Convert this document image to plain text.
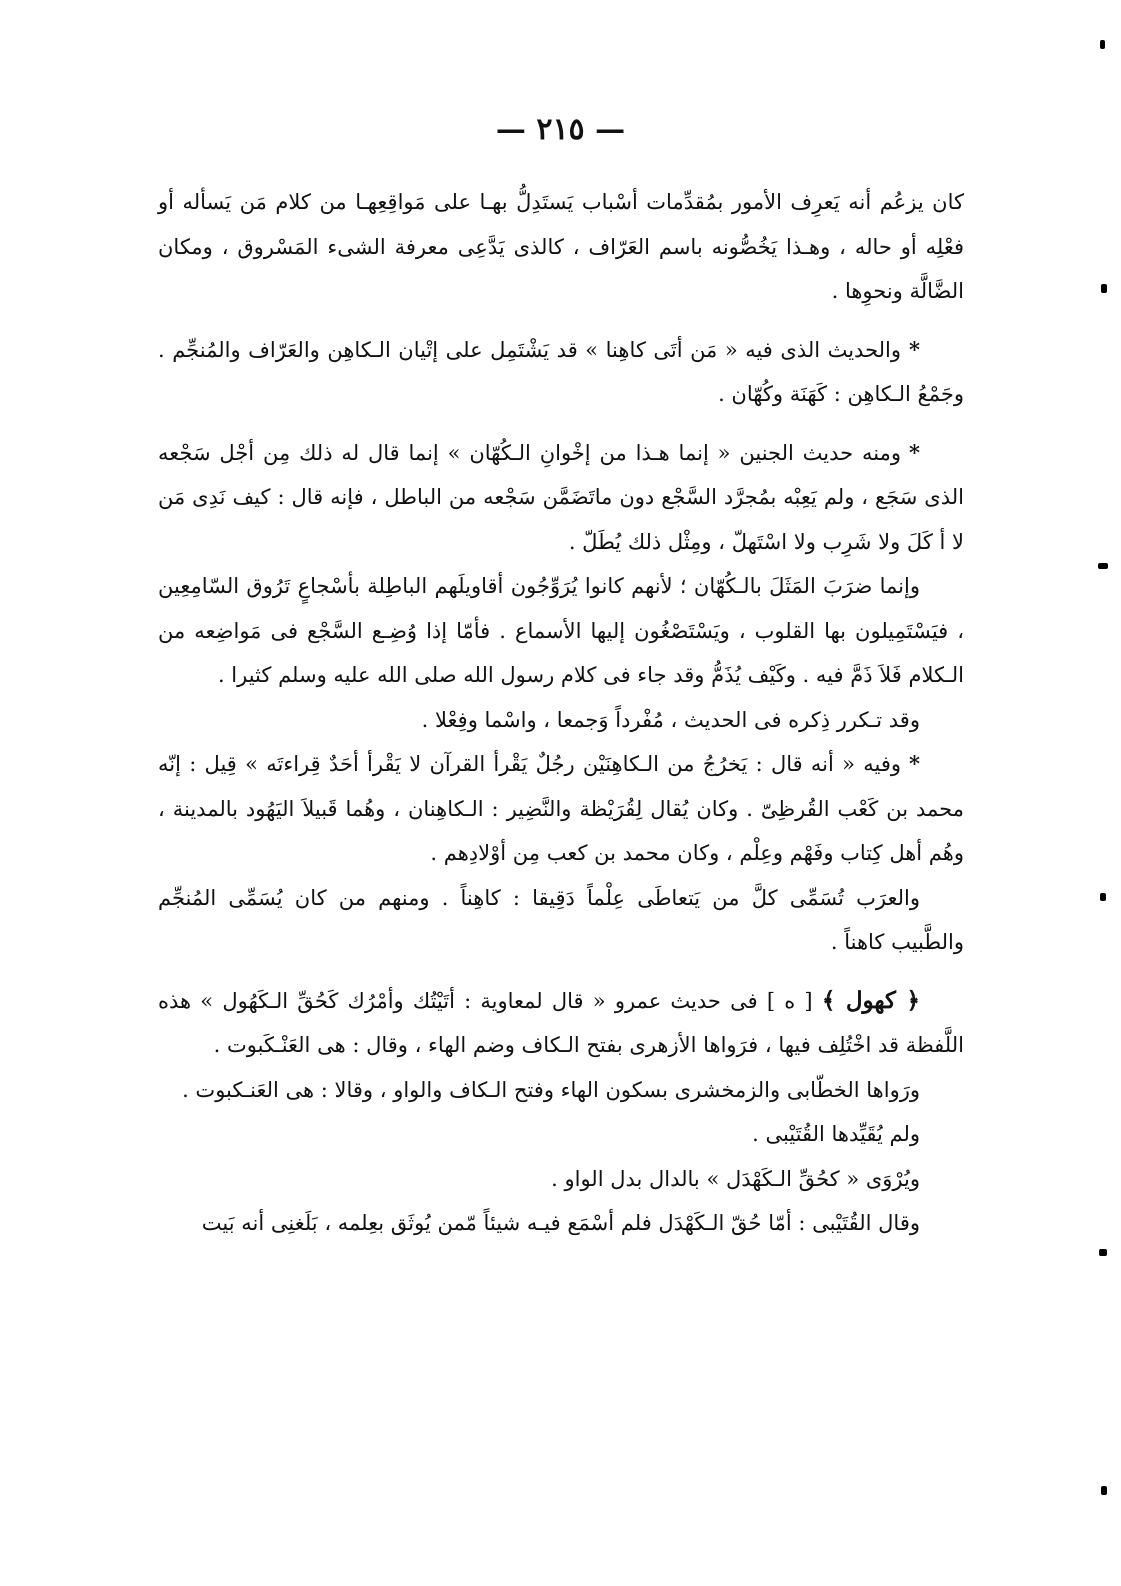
— ٢١٥ —

كان يزعُم أنه يَعرِف الأمور بمُقدِّمات أسْباب يَستَدِلُّ بهـا على مَواقِعِهـا من كلام مَن يَسأله أو فعْلِه أو حاله ، وهـذا يَخُصُّونه باسم العَرّاف ، كالذى يَدَّعِى معرفة الشىء المَسْروق ، ومكان الضَّالَّة ونحوِها .

*والحديث الذى فيه « مَن أتَى كاهِنا » قد يَشْتَمِل على إتْيان الـكاهِن والعَرّاف والمُنجِّم . وجَمْعُ الـكاهِن : كَهَنَة وكُهّان .

*ومنه حديث الجنين « إنما هـذا من إخْوانِ الـكُهّان » إنما قال له ذلك مِن أجْل سَجْعه الذى سَجَع ، ولم يَعِبْه بمُجرَّد السَّجْع دون ماتَضَمَّن سَجْعه من الباطل ، فإنه قال : كيف نَدِى مَن لا أ كَلَ ولا شَرِب ولا اسْتَهلّ ، ومِثْل ذلك يُطَلّ .

وإنما ضرَبَ المَثَلَ بالـكُهّان ؛ لأنهم كانوا يُرَوِّجُون أقاويلَهم الباطِلة بأسْجاعٍ تَرُوق السّامِعِين ، فيَسْتَمِيلون بها القلوب ، ويَسْتَصْغُون إليها الأسماع . فأمّا إذا وُضِـع السَّجْع فى مَواضِعه من الـكلام فَلاَ ذَمَّ فيه . وكَيْف يُذَمُّ وقد جاء فى كلام رسول الله صلى الله عليه وسلم كثيرا .

وقد تـكرر ذِكره فى الحديث ، مُفْرداً وَجمعا ، واسْما وفِعْلا .

*وفيه « أنه قال : يَخرُجُ من الـكاهِنَيْن رجُلٌ يَقْرأ القرآن لا يَقْرأ أحَدٌ قِراءتَه » قِيل : إنّه محمد بن كَعْب القُرظِىّ . وكان يُقال لِقُرَيْظة والنَّضِير : الـكاهِنان ، وهُما قَبيلاَ اليَهُود بالمدينة ، وهُم أهل كِتاب وفَهْم وعِلْم ، وكان محمد بن كعب مِن أوْلادِهم .

والعرَب تُسَمِّى كلَّ من يَتعاطَى عِلْماً دَقِيقا : كاهِناً . ومنهم من كان يُسَمِّى المُنجِّم والطَّبيب كاهناً .

﴿ كهول ﴾ [ ه ] فى حديث عمرو « قال لمعاوية : أتَيْتُك وأمْرُك كَحُقِّ الـكَهُول » هذه اللَّفظة قد اخْتُلِف فيها ، فرَواها الأزهرى بفتح الـكاف وضم الهاء ، وقال : هى العَنْـكَبوت .

ورَواها الخطّابى والزمخشرى بسكون الهاء وفتح الـكاف والواو ، وقالا : هى العَنـكبوت .

ولم يُقَيِّدها القُتَيْبى .

ويُرْوَى « كحُقِّ الـكَهْدَل » بالدال بدل الواو .

وقال القُتَيْبى : أمّا حُقّ الـكَهْدَل فلم أسْمَع فيـه شيئاً مّمن يُوثَق بعِلمه ، بَلَغنِى أنه بَيت
